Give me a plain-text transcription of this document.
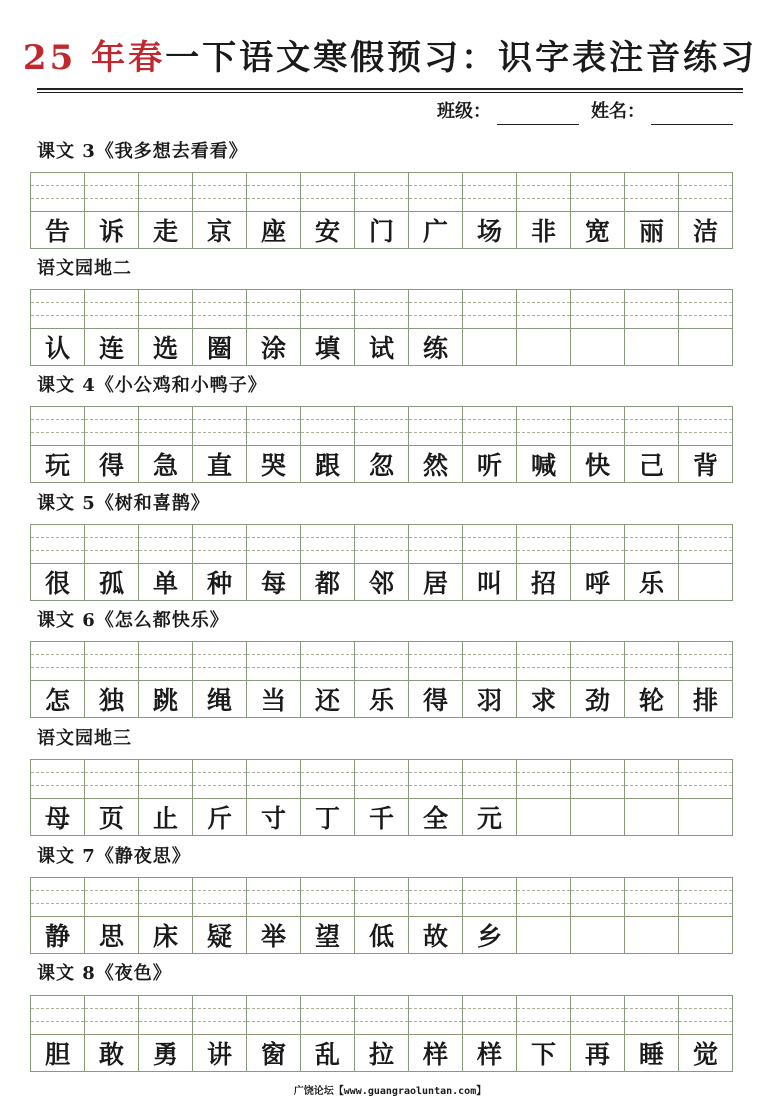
25 年春一下语文寒假预习：识字表注音练习
班级：	姓名：
课文 3《我多想去看看》
告	诉	走	京	座	安	门	广	场	非	宽	丽	洁
语文园地二
认	连	选	圈	涂	填	试	练
课文 4《小公鸡和小鸭子》
玩	得	急	直	哭	跟	忽	然	听	喊	快	己	背
课文 5《树和喜鹊》
很	孤	单	种	每	都	邻	居	叫	招	呼	乐
课文 6《怎么都快乐》
怎	独	跳	绳	当	还	乐	得	羽	求	劲	轮	排
语文园地三
母	页	止	斤	寸	丁	千	全	元
课文 7《静夜思》
静	思	床	疑	举	望	低	故	乡
课文 8《夜色》
胆	敢	勇	讲	窗	乱	拉	样	样	下	再	睡	觉
广饶论坛【www.guangraoluntan.com】
